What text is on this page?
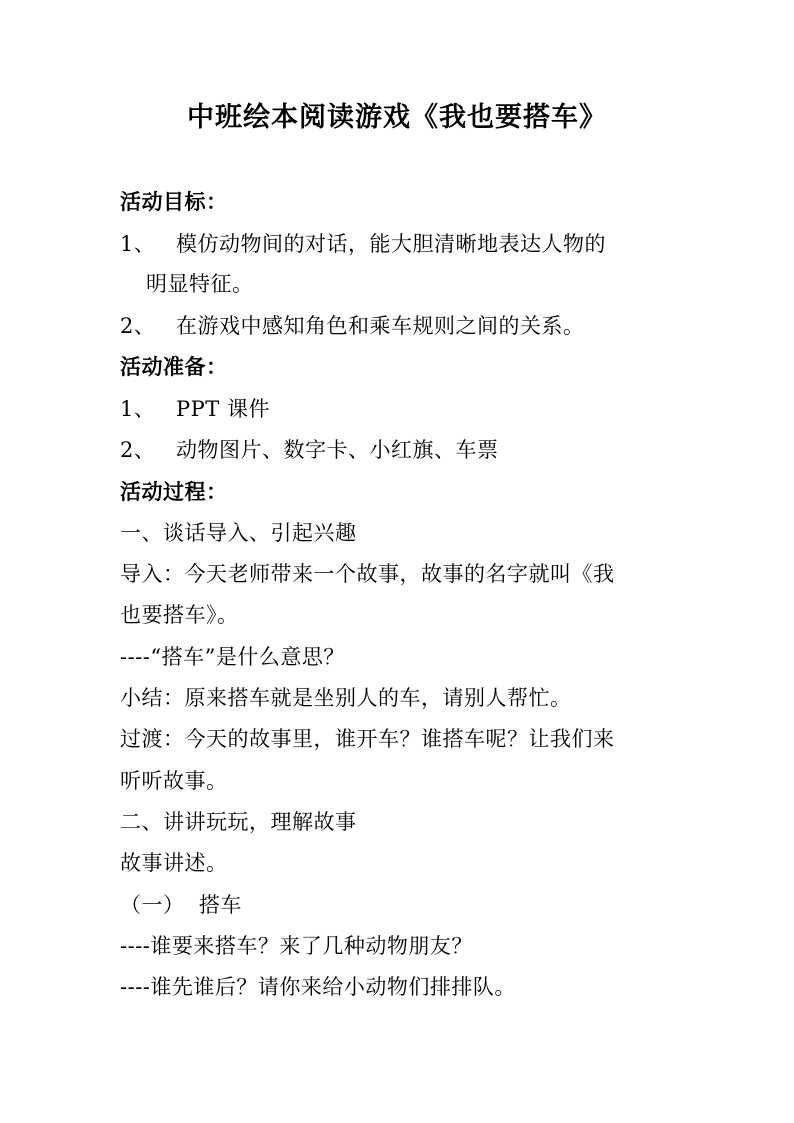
中班绘本阅读游戏《我也要搭车》
活动目标：
1、 模仿动物间的对话，能大胆清晰地表达人物的
明显特征。
2、 在游戏中感知角色和乘车规则之间的关系。
活动准备：
1、 PPT 课件
2、 动物图片、数字卡、小红旗、车票
活动过程：
一、谈话导入、引起兴趣
导入：今天老师带来一个故事，故事的名字就叫《我
也要搭车》。
----“搭车”是什么意思？
小结：原来搭车就是坐别人的车，请别人帮忙。
过渡：今天的故事里，谁开车？谁搭车呢？让我们来
听听故事。
二、讲讲玩玩，理解故事
故事讲述。
（一）  搭车
----谁要来搭车？来了几种动物朋友？
----谁先谁后？请你来给小动物们排排队。
